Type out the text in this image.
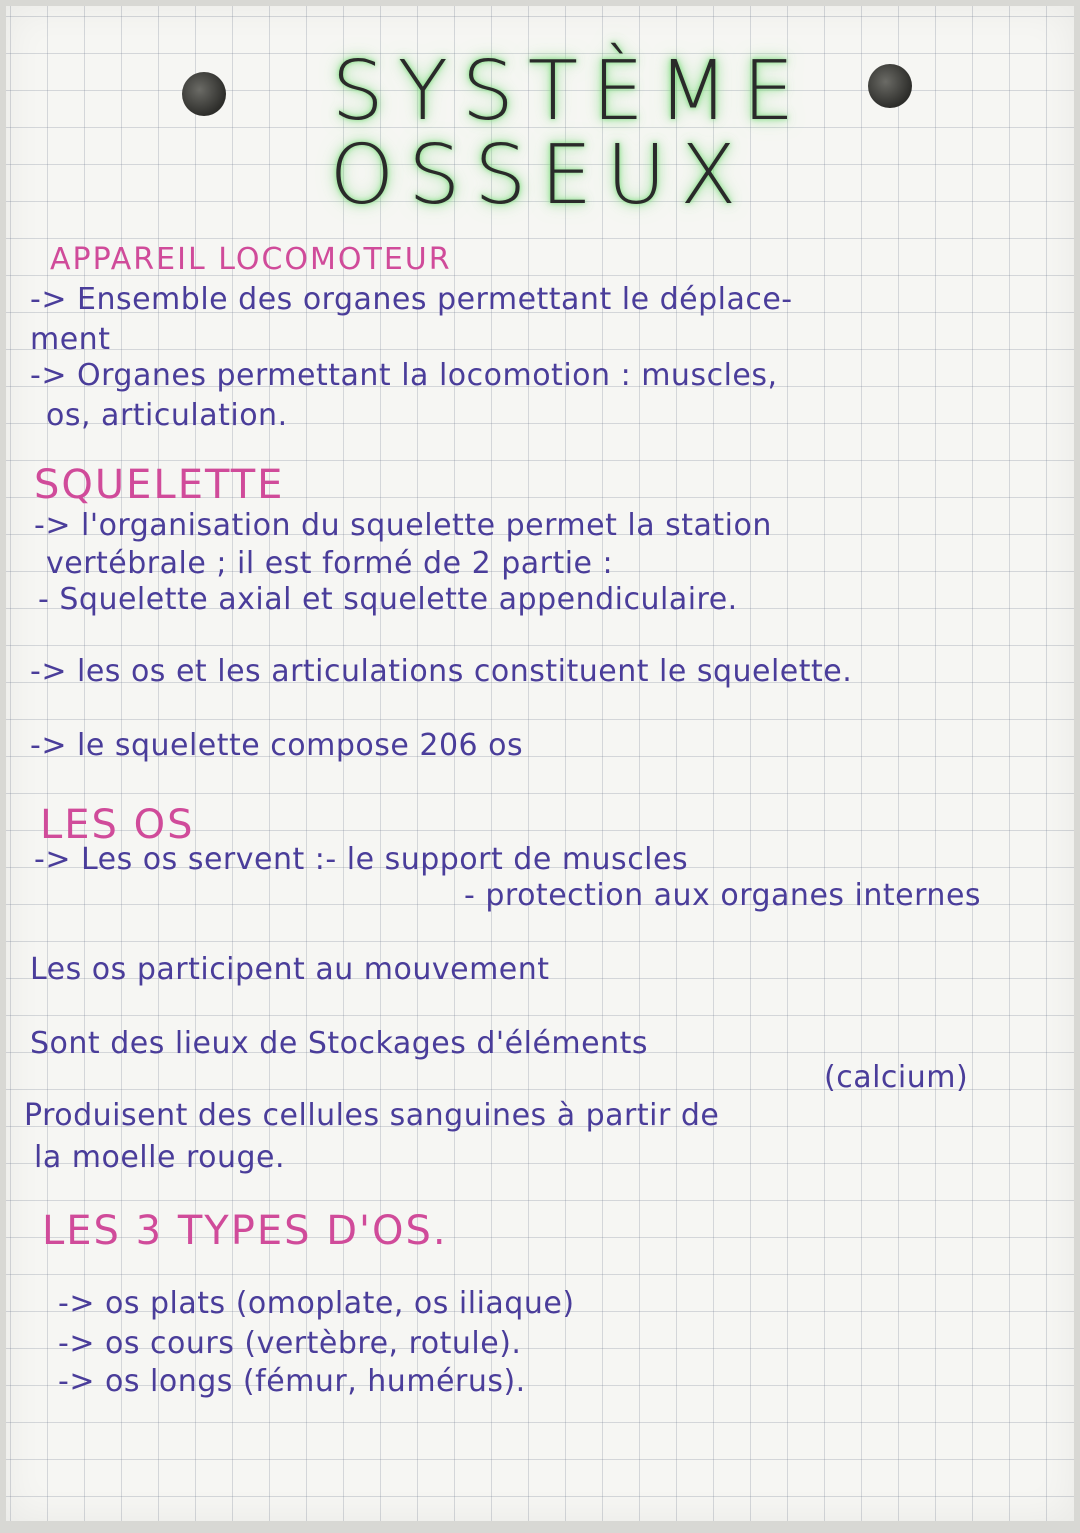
SYSTÈME
OSSEUX
APPAREIL LOCOMOTEUR
-> Ensemble des organes permettant le déplace-
ment
-> Organes permettant la locomotion : muscles,
os, articulation.
SQUELETTE
-> l'organisation du squelette permet la station
vertébrale ; il est formé de 2 partie :
- Squelette axial et squelette appendiculaire.
-> les os et les articulations constituent le squelette.
-> le squelette compose 206 os
LES OS
-> Les os servent :- le support de muscles
- protection aux organes internes
Les os participent au mouvement
Sont des lieux de Stockages d'éléments
(calcium)
Produisent des cellules sanguines à partir de
la moelle rouge.
LES 3 TYPES D'OS.
-> os plats (omoplate, os iliaque)
-> os cours (vertèbre, rotule).
-> os longs (fémur, humérus).
